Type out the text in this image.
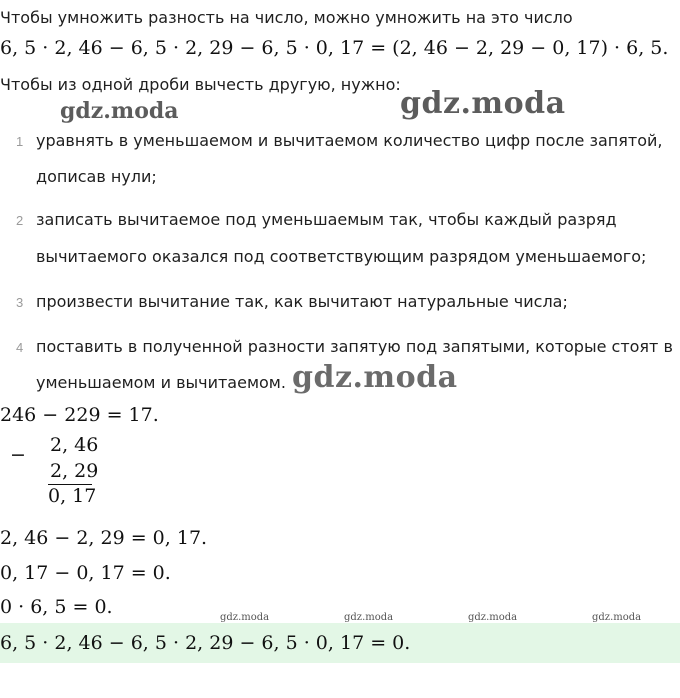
Чтобы умножить разность на число, можно умножить на это число
6, 5 · 2, 46 − 6, 5 · 2, 29 − 6, 5 · 0, 17 = (2, 46 − 2, 29 − 0, 17) · 6, 5.
Чтобы из одной дроби вычесть другую, нужно:
gdz.moda	gdz.moda
1 уравнять в уменьшаемом и вычитаемом количество цифр после запятой,
дописав нули;
2 записать вычитаемое под уменьшаемым так, чтобы каждый разряд
вычитаемого оказался под соответствующим разрядом уменьшаемого;
3 произвести вычитание так, как вычитают натуральные числа;
4 поставить в полученной разности запятую под запятыми, которые стоят в
уменьшаемом и вычитаемом. gdz.moda
246 − 229 = 17.
− 2, 46
2, 29
0, 17
2, 46 − 2, 29 = 0, 17.
0, 17 − 0, 17 = 0.
0 · 6, 5 = 0.	gdz.moda	gdz.moda	gdz.moda	gdz.moda
6, 5 · 2, 46 − 6, 5 · 2, 29 − 6, 5 · 0, 17 = 0.
